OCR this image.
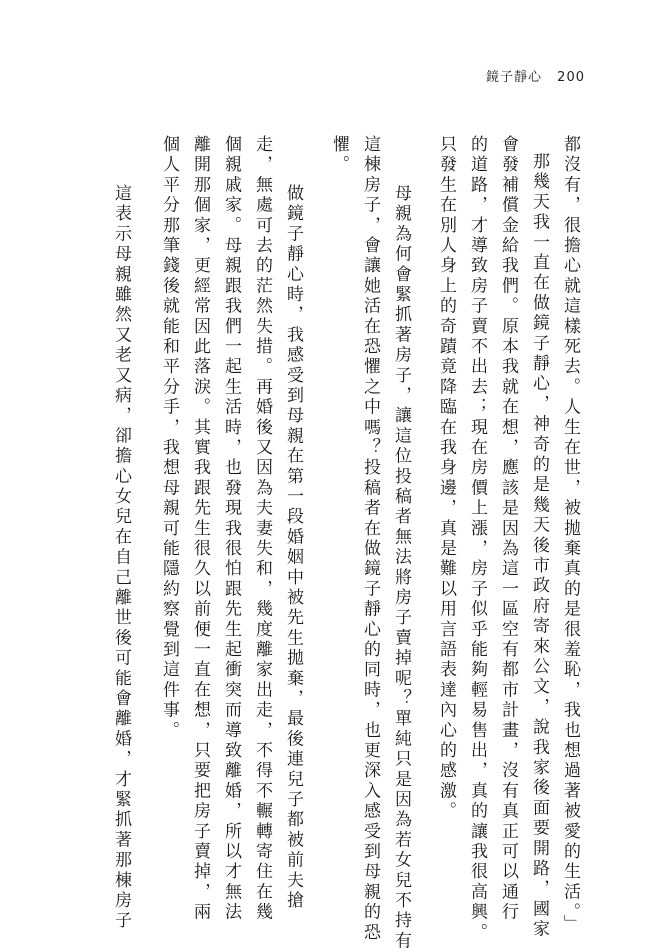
鏡子靜心 200
都沒有，很擔心就這樣死去。人生在世，被拋棄真的是很羞恥，我也想過著被愛的生活。」
那幾天我一直在做鏡子靜心，神奇的是幾天後市政府寄來公文，說我家後面要開路，國家
會發補償金給我們。原本我就在想，應該是因為這一區空有都市計畫，沒有真正可以通行
的道路，才導致房子賣不出去；現在房價上漲，房子似乎能夠輕易售出，真的讓我很高興。
只發生在別人身上的奇蹟竟降臨在我身邊，真是難以用言語表達內心的感激。
母親為何會緊抓著房子，讓這位投稿者無法將房子賣掉呢？單純只是因為若女兒不持有
這棟房子，會讓她活在恐懼之中嗎？投稿者在做鏡子靜心的同時，也更深入感受到母親的恐
懼。
做鏡子靜心時，我感受到母親在第一段婚姻中被先生拋棄，最後連兒子都被前夫搶
走，無處可去的茫然失措。再婚後又因為夫妻失和，幾度離家出走，不得不輾轉寄住在幾
個親戚家。母親跟我們一起生活時，也發現我很怕跟先生起衝突而導致離婚，所以才無法
離開那個家，更經常因此落淚。其實我跟先生很久以前便一直在想，只要把房子賣掉，兩
個人平分那筆錢後就能和平分手，我想母親可能隱約察覺到這件事。
這表示母親雖然又老又病，卻擔心女兒在自己離世後可能會離婚，才緊抓著那棟房子
